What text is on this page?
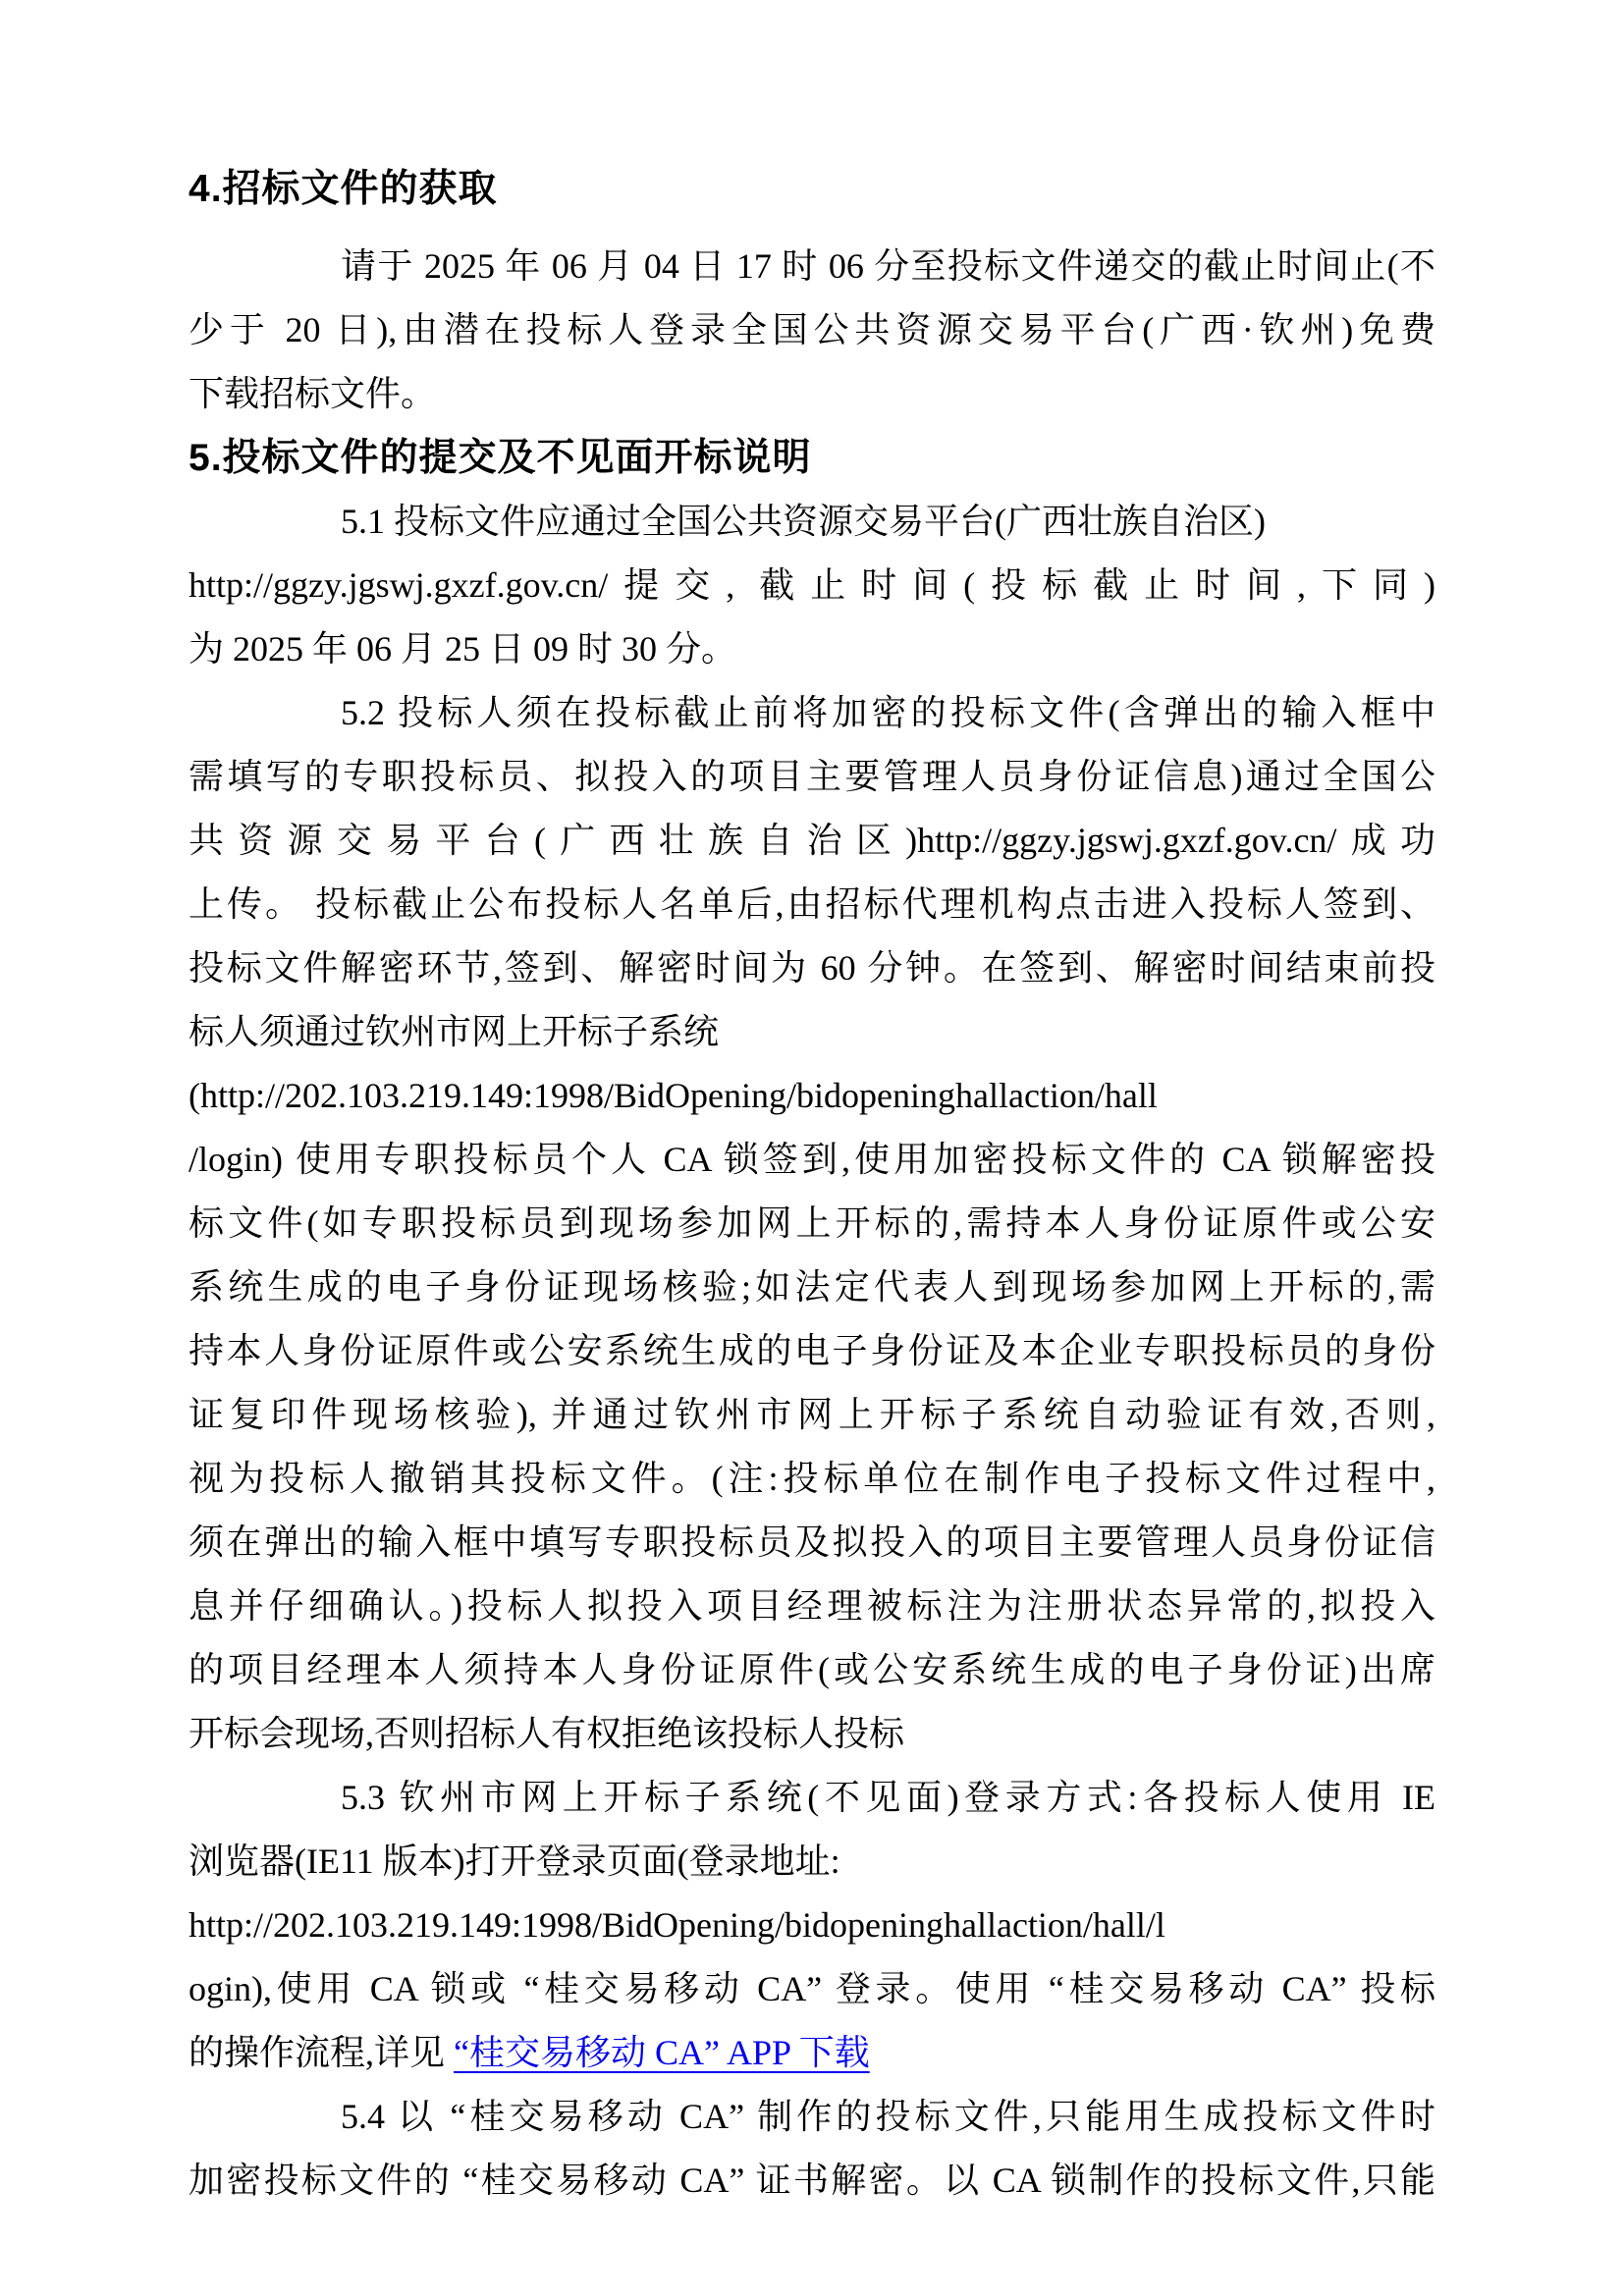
4.招标文件的获取
请于 2025 年 06 月 04 日 17 时 06 分至投标文件递交的截止时间止(不
少于 20 日),由潜在投标人登录全国公共资源交易平台(广西·钦州)免费
下载招标文件。
5.投标文件的提交及不见面开标说明
5.1 投标文件应通过全国公共资源交易平台(广西壮族自治区)
http://ggzy.jgswj.gxzf.gov.cn/提交, 截止时间(投标截止时间,下同)
为 2025 年 06 月 25 日 09 时 30 分。
5.2 投标人须在投标截止前将加密的投标文件(含弹出的输入框中
需填写的专职投标员、拟投入的项目主要管理人员身份证信息)通过全国公
共资源交易平台(广西壮族自治区)http://ggzy.jgswj.gxzf.gov.cn/成功
上传。 投标截止公布投标人名单后,由招标代理机构点击进入投标人签到、
投标文件解密环节,签到、解密时间为 60 分钟。在签到、解密时间结束前投
标人须通过钦州市网上开标子系统
(http://202.103.219.149:1998/BidOpening/bidopeninghallaction/hall
/login) 使用专职投标员个人 CA 锁签到,使用加密投标文件的 CA 锁解密投
标文件(如专职投标员到现场参加网上开标的,需持本人身份证原件或公安
系统生成的电子身份证现场核验;如法定代表人到现场参加网上开标的,需
持本人身份证原件或公安系统生成的电子身份证及本企业专职投标员的身份
证复印件现场核验), 并通过钦州市网上开标子系统自动验证有效,否则,
视为投标人撤销其投标文件。(注:投标单位在制作电子投标文件过程中,
须在弹出的输入框中填写专职投标员及拟投入的项目主要管理人员身份证信
息并仔细确认。)投标人拟投入项目经理被标注为注册状态异常的,拟投入
的项目经理本人须持本人身份证原件(或公安系统生成的电子身份证)出席
开标会现场,否则招标人有权拒绝该投标人投标
5.3 钦州市网上开标子系统(不见面)登录方式:各投标人使用 IE
浏览器(IE11 版本)打开登录页面(登录地址:
http://202.103.219.149:1998/BidOpening/bidopeninghallaction/hall/l
ogin),使用 CA 锁或 “桂交易移动 CA” 登录。使用 “桂交易移动 CA” 投标
的操作流程,详见 “桂交易移动 CA” APP 下载
5.4 以 “桂交易移动 CA” 制作的投标文件,只能用生成投标文件时
加密投标文件的 “桂交易移动 CA” 证书解密。以 CA 锁制作的投标文件,只能
